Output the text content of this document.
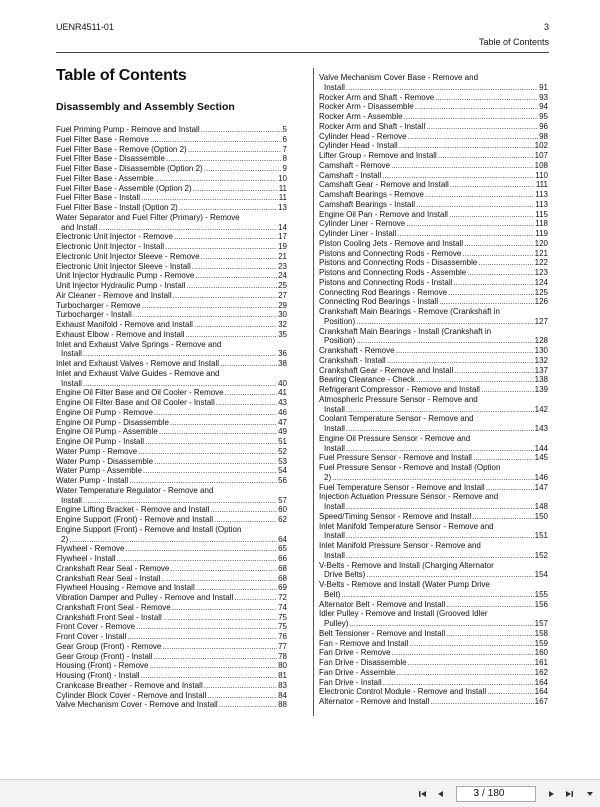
UENR4511-01	3
Table of Contents
Table of Contents
Disassembly and Assembly Section
Fuel Priming Pump - Remove and Install .....	5
Fuel Filter Base - Remove .....	6
Fuel Filter Base - Remove (Option 2) .....	7
Fuel Filter Base - Disassemble .....	8
Fuel Filter Base - Disassemble (Option 2) .....	9
Fuel Filter Base - Assemble .....	10
Fuel Filter Base - Assemble (Option 2) .....	11
Fuel Filter Base - Install .....	11
Fuel Filter Base - Install (Option 2) .....	13
Water Separator and Fuel Filter (Primary) - Remove
and Install .....	14
Electronic Unit Injector - Remove .....	17
Electronic Unit Injector - Install .....	19
Electronic Unit Injector Sleeve - Remove .....	21
Electronic Unit Injector Sleeve - Install .....	23
Unit Injector Hydraulic Pump - Remove .....	24
Unit Injector Hydraulic Pump - Install .....	25
Air Cleaner - Remove and Install .....	27
Turbocharger - Remove .....	29
Turbocharger - Install .....	30
Exhaust Manifold - Remove and Install .....	32
Exhaust Elbow - Remove and Install .....	35
Inlet and Exhaust Valve Springs - Remove and
Install .....	36
Inlet and Exhaust Valves - Remove and Install .....	38
Inlet and Exhaust Valve Guides - Remove and
Install .....	40
Engine Oil Filter Base and Oil Cooler - Remove .....	41
Engine Oil Filter Base and Oil Cooler - Install .....	43
Engine Oil Pump - Remove .....	46
Engine Oil Pump - Disassemble .....	47
Engine Oil Pump - Assemble .....	49
Engine Oil Pump - Install .....	51
Water Pump - Remove .....	52
Water Pump - Disassemble .....	53
Water Pump - Assemble .....	54
Water Pump - Install .....	56
Water Temperature Regulator - Remove and
Install .....	57
Engine Lifting Bracket - Remove and Install .....	60
Engine Support (Front) - Remove and Install .....	62
Engine Support (Front) - Remove and Install (Option
2) .....	64
Flywheel - Remove .....	65
Flywheel - Install .....	66
Crankshaft Rear Seal - Remove .....	68
Crankshaft Rear Seal - Install .....	68
Flywheel Housing - Remove and Install .....	69
Vibration Damper and Pulley - Remove and Install .....	72
Crankshaft Front Seal - Remove .....	74
Crankshaft Front Seal - Install .....	75
Front Cover - Remove .....	75
Front Cover - Install .....	76
Gear Group (Front) - Remove .....	77
Gear Group (Front) - Install .....	78
Housing (Front) - Remove .....	80
Housing (Front) - Install .....	81
Crankcase Breather - Remove and Install .....	83
Cylinder Block Cover - Remove and Install .....	84
Valve Mechanism Cover - Remove and Install .....	88
Valve Mechanism Cover Base - Remove and
Install .....	91
Rocker Arm and Shaft - Remove .....	93
Rocker Arm - Disassemble .....	94
Rocker Arm - Assemble .....	95
Rocker Arm and Shaft - Install .....	96
Cylinder Head - Remove .....	98
Cylinder Head - Install .....	102
Lifter Group - Remove and Install .....	107
Camshaft - Remove .....	108
Camshaft - Install .....	110
Camshaft Gear - Remove and Install .....	111
Camshaft Bearings - Remove .....	113
Camshaft Bearings - Install .....	113
Engine Oil Pan - Remove and Install .....	115
Cylinder Liner - Remove .....	118
Cylinder Liner - Install .....	119
Piston Cooling Jets - Remove and Install .....	120
Pistons and Connecting Rods - Remove .....	121
Pistons and Connecting Rods - Disassemble .....	122
Pistons and Connecting Rods - Assemble .....	123
Pistons and Connecting Rods - Install .....	124
Connecting Rod Bearings - Remove .....	125
Connecting Rod Bearings - Install .....	126
Crankshaft Main Bearings - Remove (Crankshaft in
Position) .....	127
Crankshaft Main Bearings - Install (Crankshaft in
Position) .....	128
Crankshaft - Remove .....	130
Crankshaft - Install .....	132
Crankshaft Gear - Remove and Install .....	137
Bearing Clearance - Check .....	138
Refrigerant Compressor - Remove and Install .....	139
Atmospheric Pressure Sensor - Remove and
Install .....	142
Coolant Temperature Sensor - Remove and
Install .....	143
Engine Oil Pressure Sensor - Remove and
Install .....	144
Fuel Pressure Sensor - Remove and Install .....	145
Fuel Pressure Sensor - Remove and Install (Option
2) .....	146
Fuel Temperature Sensor - Remove and Install .....	147
Injection Actuation Pressure Sensor - Remove and
Install .....	148
Speed/Timing Sensor - Remove and Install .....	150
Inlet Manifold Temperature Sensor - Remove and
Install .....	151
Inlet Manifold Pressure Sensor - Remove and
Install .....	152
V-Belts - Remove and Install (Charging Alternator
Drive Belts) .....	154
V-Belts - Remove and Install (Water Pump Drive
Belt) .....	155
Alternator Belt - Remove and Install .....	156
Idler Pulley - Remove and Install (Grooved Idler
Pulley) .....	157
Belt Tensioner - Remove and Install .....	158
Fan - Remove and Install .....	159
Fan Drive - Remove .....	160
Fan Drive - Disassemble .....	161
Fan Drive - Assemble .....	162
Fan Drive - Install .....	164
Electronic Control Module - Remove and Install .....	164
Alternator - Remove and Install .....	167
3
/ 180
